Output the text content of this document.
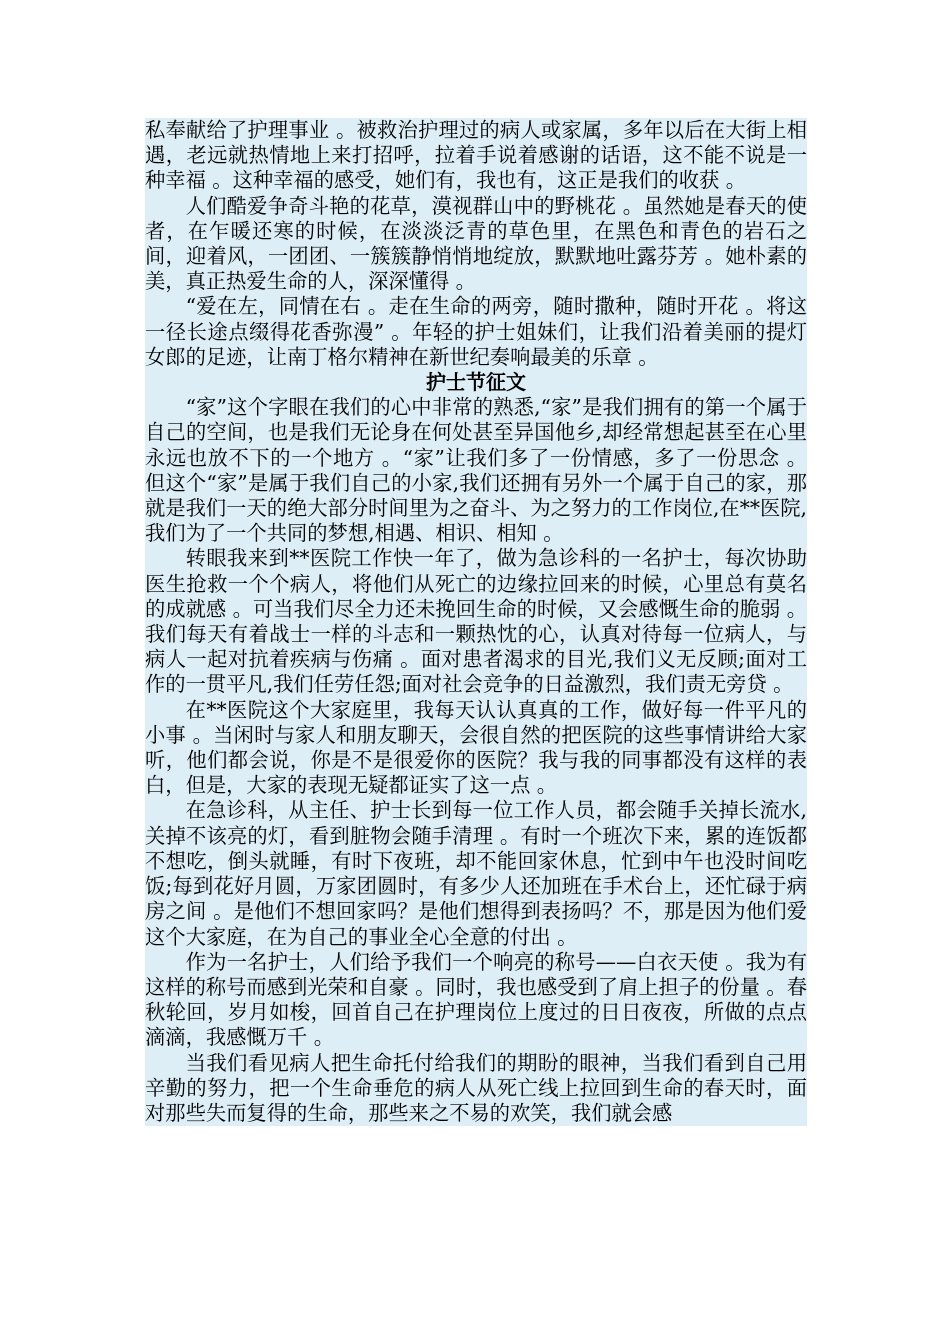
私奉献给了护理事业 。被救治护理过的病人或家属，多年以后在大街上相遇，老远就热情地上来打招呼，拉着手说着感谢的话语，这不能不说是一种幸福 。这种幸福的感受，她们有，我也有，这正是我们的收获 。

人们酷爱争奇斗艳的花草，漠视群山中的野桃花 。虽然她是春天的使者，在乍暖还寒的时候，在淡淡泛青的草色里，在黑色和青色的岩石之间，迎着风，一团团、一簇簇静悄悄地绽放，默默地吐露芬芳 。她朴素的美，真正热爱生命的人，深深懂得 。

“爱在左，同情在右 。走在生命的两旁，随时撒种，随时开花 。将这一径长途点缀得花香弥漫” 。年轻的护士姐妹们，让我们沿着美丽的提灯女郎的足迹，让南丁格尔精神在新世纪奏响最美的乐章 。

护士节征文

“家”这个字眼在我们的心中非常的熟悉,“家”是我们拥有的第一个属于自己的空间，也是我们无论身在何处甚至异国他乡,却经常想起甚至在心里永远也放不下的一个地方 。“家”让我们多了一份情感，多了一份思念 。但这个“家”是属于我们自己的小家,我们还拥有另外一个属于自己的家，那就是我们一天的绝大部分时间里为之奋斗、为之努力的工作岗位,在**医院,我们为了一个共同的梦想,相遇、相识、相知 。

转眼我来到**医院工作快一年了，做为急诊科的一名护士，每次协助医生抢救一个个病人，将他们从死亡的边缘拉回来的时候，心里总有莫名的成就感 。可当我们尽全力还未挽回生命的时候，又会感慨生命的脆弱 。我们每天有着战士一样的斗志和一颗热忱的心，认真对待每一位病人，与病人一起对抗着疾病与伤痛 。面对患者渴求的目光,我们义无反顾;面对工作的一贯平凡,我们任劳任怨;面对社会竞争的日益激烈，我们责无旁贷 。

在**医院这个大家庭里，我每天认认真真的工作，做好每一件平凡的小事 。当闲时与家人和朋友聊天，会很自然的把医院的这些事情讲给大家听，他们都会说，你是不是很爱你的医院？我与我的同事都没有这样的表白，但是，大家的表现无疑都证实了这一点 。

在急诊科，从主任、护士长到每一位工作人员，都会随手关掉长流水,关掉不该亮的灯，看到脏物会随手清理 。有时一个班次下来，累的连饭都不想吃，倒头就睡，有时下夜班，却不能回家休息，忙到中午也没时间吃饭;每到花好月圆，万家团圆时，有多少人还加班在手术台上，还忙碌于病房之间 。是他们不想回家吗？是他们想得到表扬吗？不，那是因为他们爱这个大家庭，在为自己的事业全心全意的付出 。

作为一名护士，人们给予我们一个响亮的称号——白衣天使 。我为有这样的称号而感到光荣和自豪 。同时，我也感受到了肩上担子的份量 。春秋轮回，岁月如梭，回首自己在护理岗位上度过的日日夜夜，所做的点点滴滴，我感慨万千 。

当我们看见病人把生命托付给我们的期盼的眼神，当我们看到自己用辛勤的努力，把一个生命垂危的病人从死亡线上拉回到生命的春天时，面对那些失而复得的生命，那些来之不易的欢笑，我们就会感
